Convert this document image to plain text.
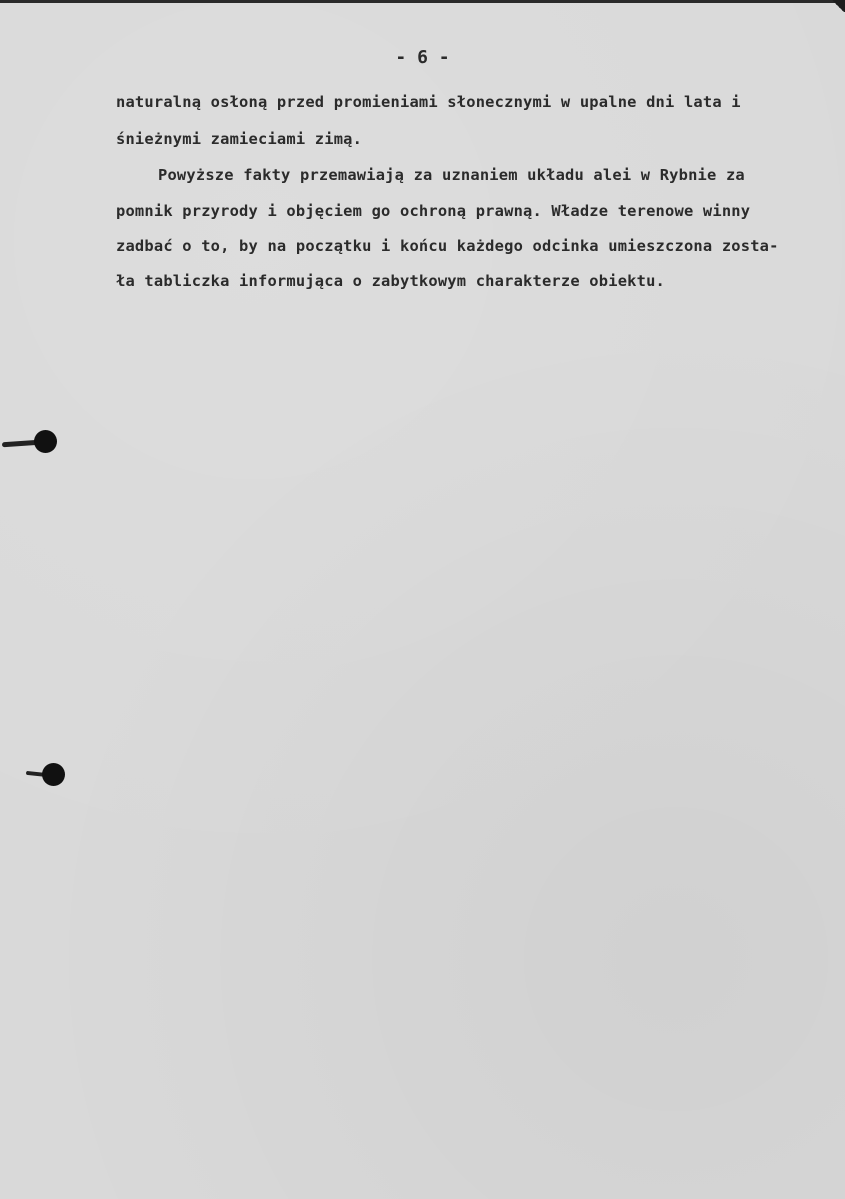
- 6 -

naturalną osłoną przed promieniami słonecznymi w upalne dni lata i

śnieżnymi zamieciami zimą.

Powyższe fakty przemawiają za uznaniem układu alei w Rybnie za

pomnik przyrody i objęciem go ochroną prawną. Władze terenowe winny

zadbać o to, by na początku i końcu każdego odcinka umieszczona zosta-

ła tabliczka informująca o zabytkowym charakterze obiektu.
